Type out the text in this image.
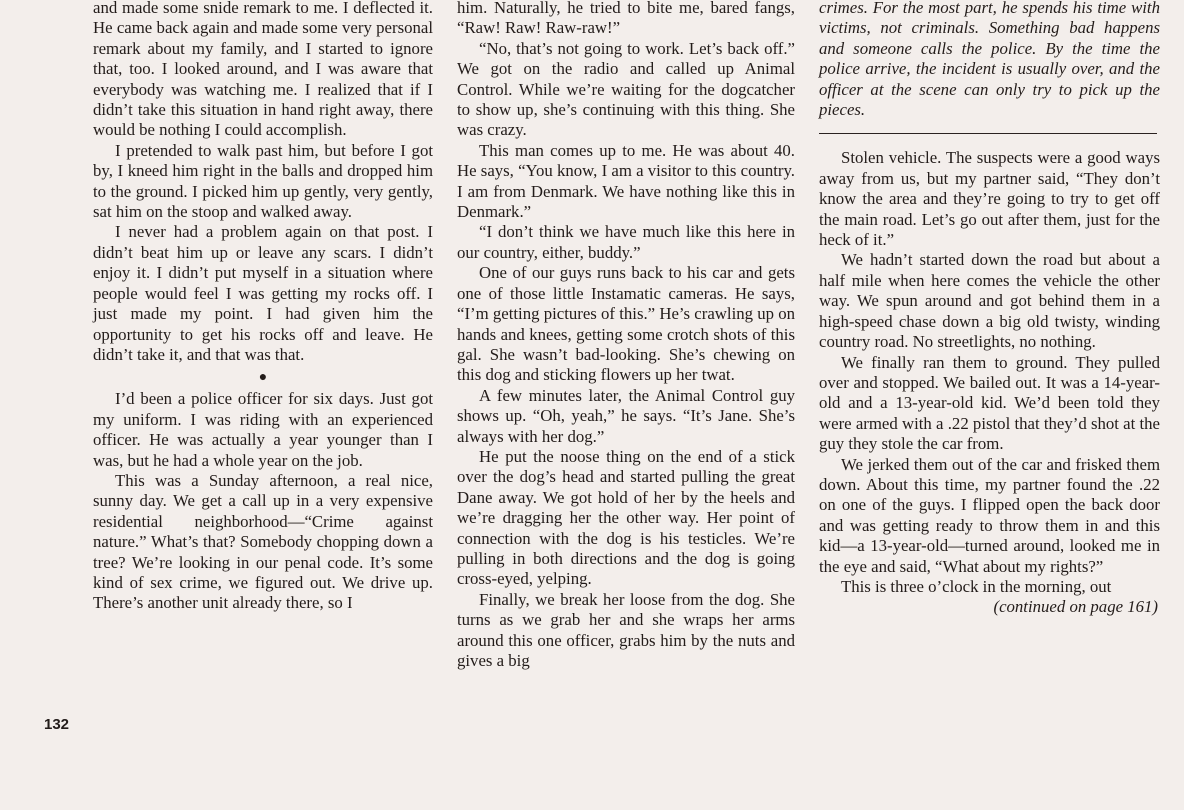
132

and made some snide remark to me. I deflected it. He came back again and made some very personal remark about my family, and I started to ignore that, too. I looked around, and I was aware that everybody was watching me. I realized that if I didn’t take this situation in hand right away, there would be nothing I could accomplish.

I pretended to walk past him, but before I got by, I kneed him right in the balls and dropped him to the ground. I picked him up gently, very gently, sat him on the stoop and walked away.

I never had a problem again on that post. I didn’t beat him up or leave any scars. I didn’t enjoy it. I didn’t put myself in a situation where people would feel I was getting my rocks off. I just made my point. I had given him the opportunity to get his rocks off and leave. He didn’t take it, and that was that.

●

I’d been a police officer for six days. Just got my uniform. I was riding with an experienced officer. He was actually a year younger than I was, but he had a whole year on the job.

This was a Sunday afternoon, a real nice, sunny day. We get a call up in a very expensive residential neighborhood—“Crime against nature.” What’s that? Somebody chopping down a tree? We’re looking in our penal code. It’s some kind of sex crime, we figured out. We drive up. There’s another unit already there, so I

him. Naturally, he tried to bite me, bared fangs, “Raw! Raw! Raw-raw!”

“No, that’s not going to work. Let’s back off.” We got on the radio and called up Animal Control. While we’re waiting for the dogcatcher to show up, she’s continuing with this thing. She was crazy.

This man comes up to me. He was about 40. He says, “You know, I am a visitor to this country. I am from Denmark. We have nothing like this in Denmark.”

“I don’t think we have much like this here in our country, either, buddy.”

One of our guys runs back to his car and gets one of those little Instamatic cameras. He says, “I’m getting pictures of this.” He’s crawling up on hands and knees, getting some crotch shots of this gal. She wasn’t bad-looking. She’s chewing on this dog and sticking flowers up her twat.

A few minutes later, the Animal Control guy shows up. “Oh, yeah,” he says. “It’s Jane. She’s always with her dog.”

He put the noose thing on the end of a stick over the dog’s head and started pulling the great Dane away. We got hold of her by the heels and we’re dragging her the other way. Her point of connection with the dog is his testicles. We’re pulling in both directions and the dog is going cross-eyed, yelping.

Finally, we break her loose from the dog. She turns as we grab her and she wraps her arms around this one officer, grabs him by the nuts and gives a big

crimes. For the most part, he spends his time with victims, not criminals. Something bad happens and someone calls the police. By the time the police arrive, the incident is usually over, and the officer at the scene can only try to pick up the pieces.

Stolen vehicle. The suspects were a good ways away from us, but my partner said, “They don’t know the area and they’re going to try to get off the main road. Let’s go out after them, just for the heck of it.”

We hadn’t started down the road but about a half mile when here comes the vehicle the other way. We spun around and got behind them in a high-speed chase down a big old twisty, winding country road. No streetlights, no nothing.

We finally ran them to ground. They pulled over and stopped. We bailed out. It was a 14-year-old and a 13-year-old kid. We’d been told they were armed with a .22 pistol that they’d shot at the guy they stole the car from.

We jerked them out of the car and frisked them down. About this time, my partner found the .22 on one of the guys. I flipped open the back door and was getting ready to throw them in and this kid—a 13-year-old—turned around, looked me in the eye and said, “What about my rights?”

This is three o’clock in the morning, out

(continued on page 161)
